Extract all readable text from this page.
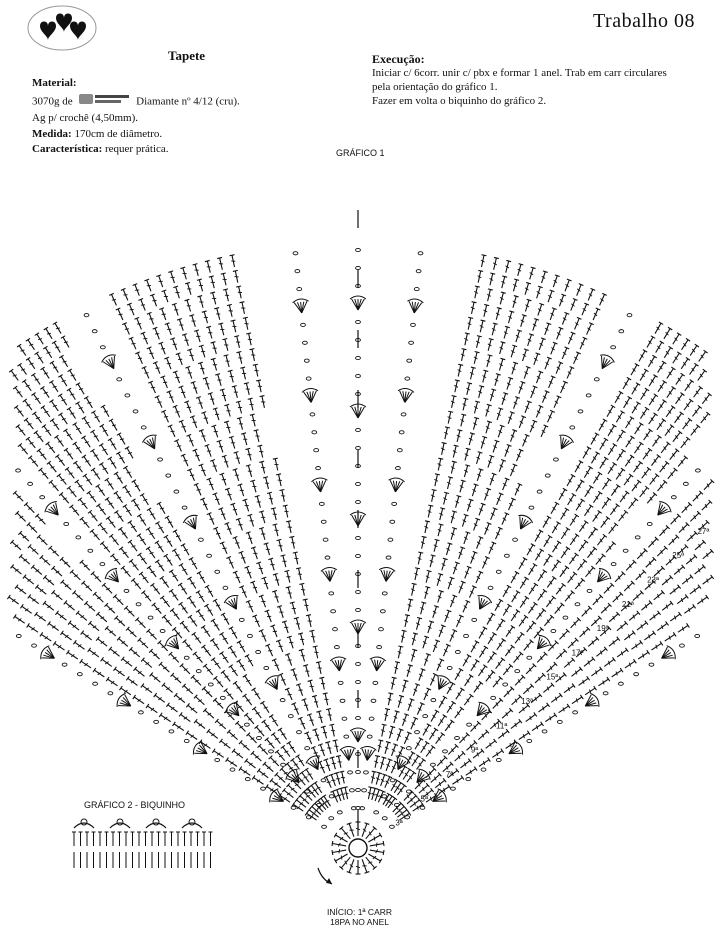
Trabalho 08
Tapete
Material:
3070g de	Diamante nº 4/12 (cru).
Ag p/ crochê (4,50mm).
Medida: 170cm de diâmetro.
Característica: requer prática.
Execução:
Iniciar c/ 6corr. unir c/ pbx e formar 1 anel. Trab em carr circulares
pela orientação do gráfico 1.
Fazer em volta o biquinho do gráfico 2.
GRÁFICO 1
GRÁFICO 2 - BIQUINHO
INÍCIO: 1ª CARR
18PA NO ANEL
3ª
5ª
7ª
9ª
11ª
13ª
15ª
17ª
19ª
21ª
23ª
25ª
27ª
